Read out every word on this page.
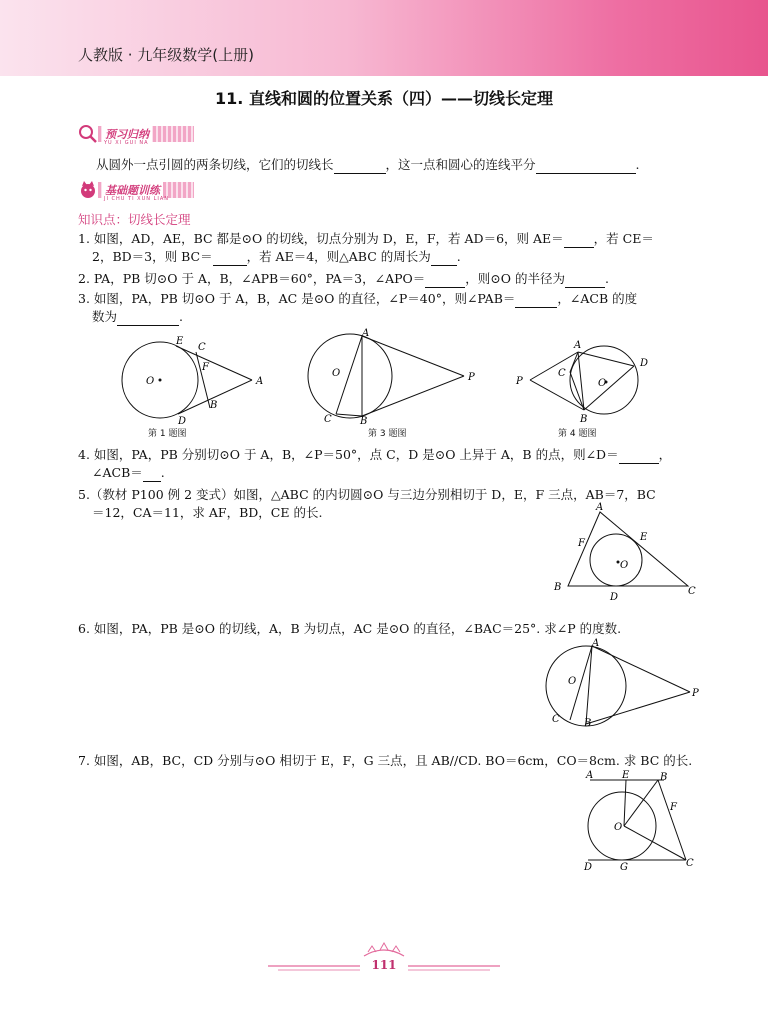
人教版 · 九年级数学(上册)
11. 直线和圆的位置关系（四）——切线长定理
预习归纳
YU XI GUI NA
从圆外一点引圆的两条切线，它们的切线长	，这一点和圆心的连线平分	.
基础题训练
JI CHU TI XUN LIAN
知识点：切线长定理
1. 如图，AD，AE，BC 都是⊙O 的切线，切点分别为 D，E，F，若 AD＝6，则 AE＝ ，若 CE＝
2，BD＝3，则 BC＝	，若 AE＝4，则△ABC 的周长为 .
2. PA，PB 切⊙O 于 A，B，∠APB＝60°，PA＝3，∠APO＝	，则⊙O 的半径为	.
3. 如图，PA，PB 切⊙O 于 A，B，AC 是⊙O 的直径，∠P＝40°，则∠PAB＝	，∠ACB 的度
数为	.
E
C
O
F
A
B
D
第 1 题图
A
O	P
C	B
第 3 题图
A
D
P
C
O
B
第 4 题图
4. 如图，PA，PB 分别切⊙O 于 A，B，∠P＝50°，点 C，D 是⊙O 上异于 A，B 的点，则∠D＝	，
∠ACB＝ .
5.（教材 P100 例 2 变式）如图，△ABC 的内切圆⊙O 与三边分别相切于 D，E，F 三点，AB＝7，BC
＝12，CA＝11，求 AF，BD，CE 的长.	A
F
E
O
B
D
C
6. 如图，PA，PB 是⊙O 的切线，A，B 为切点，AC 是⊙O 的直径，∠BAC＝25°. 求∠P 的度数.
A
O
P
C B
7. 如图，AB，BC，CD 分别与⊙O 相切于 E，F，G 三点，且 AB//CD. BO＝6cm，CO＝8cm. 求 BC 的长.
A	E	B
F
O
D	G	C
111
